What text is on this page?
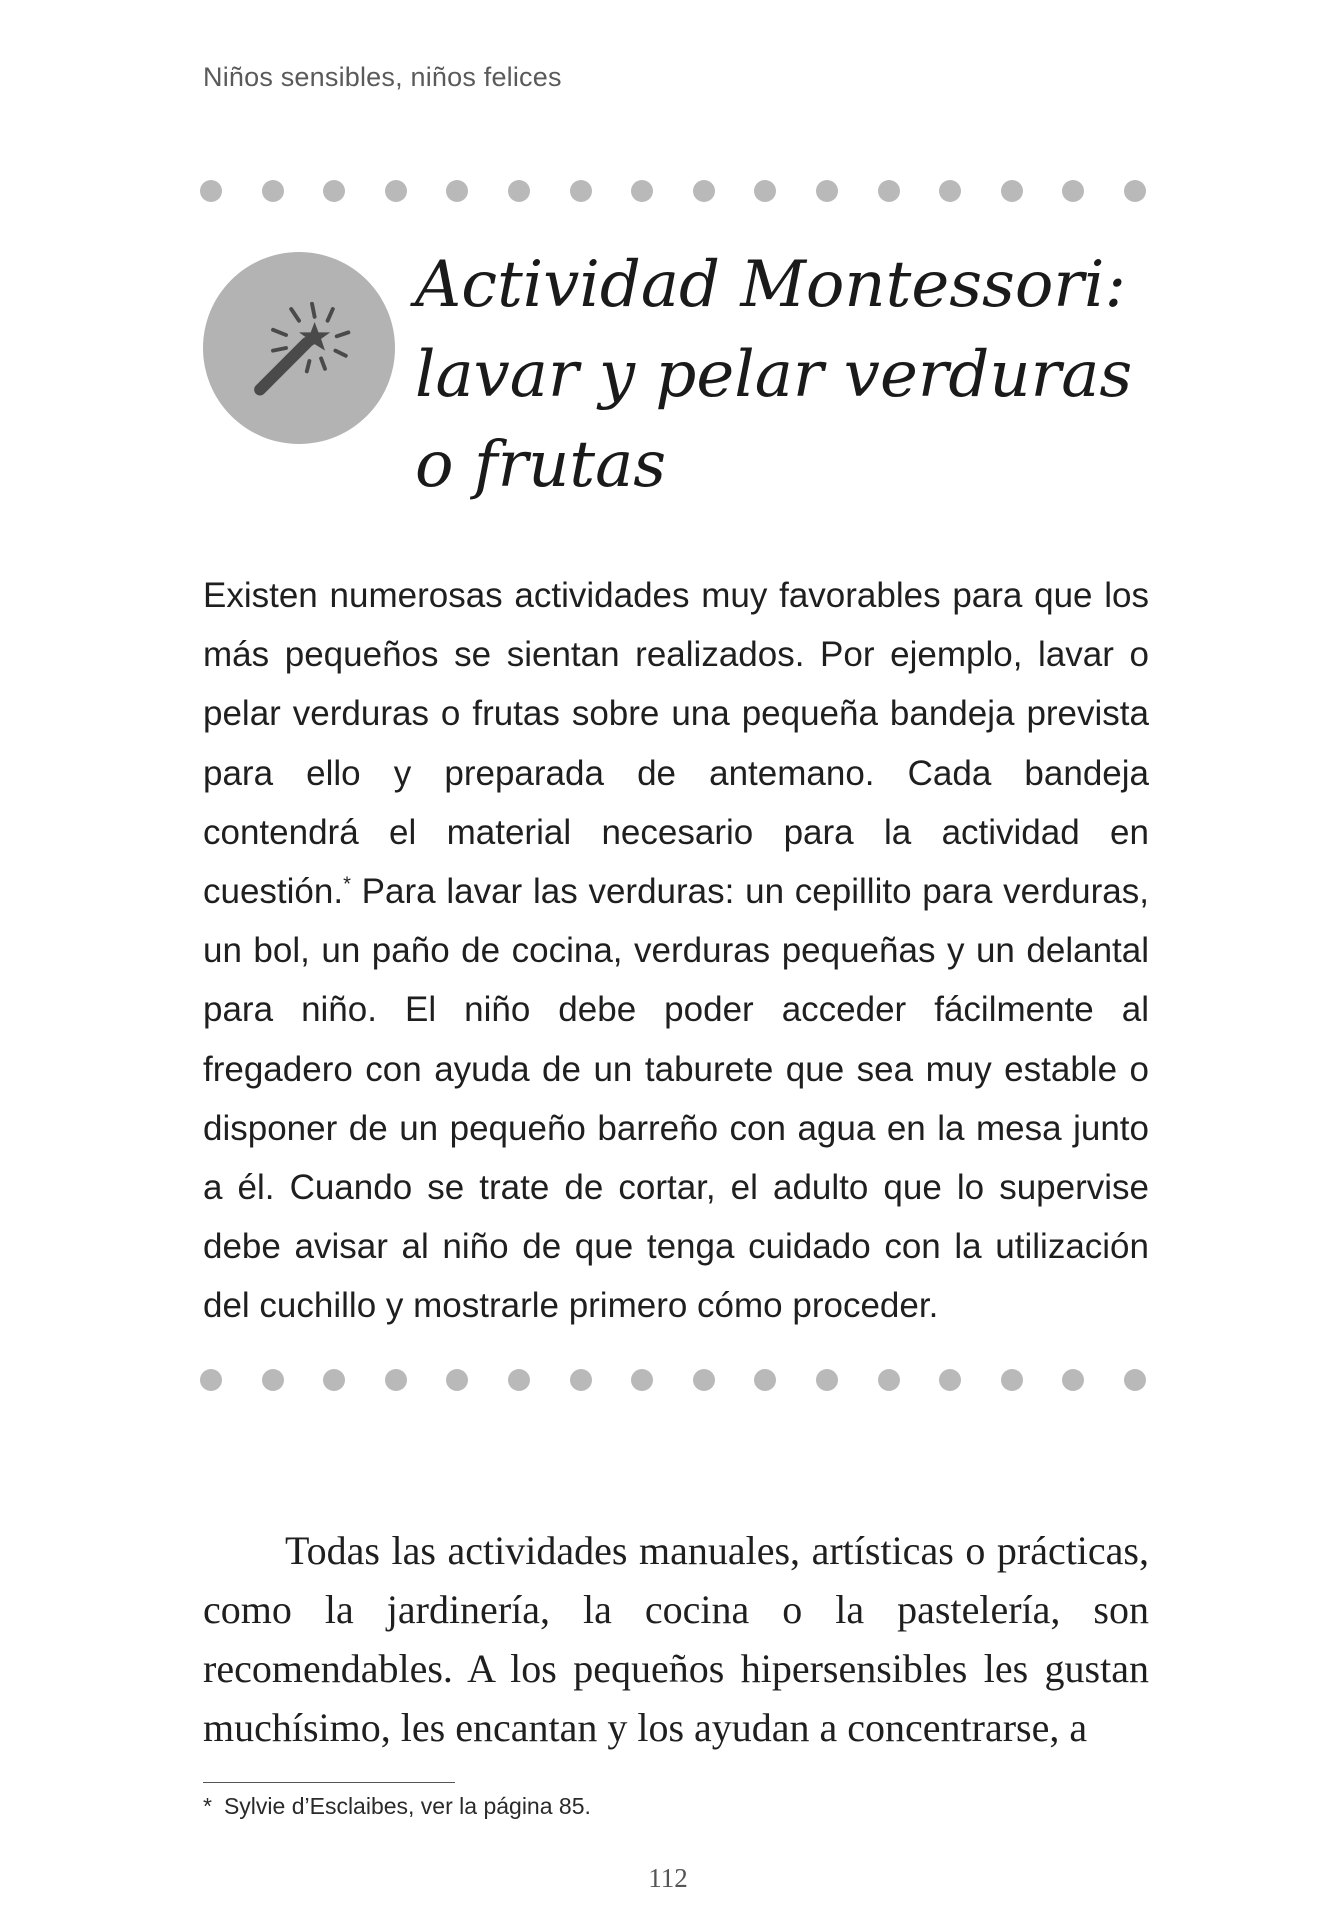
Niños sensibles, niños felices
Actividad Montessori: lavar y pelar verduras o frutas

Existen numerosas actividades muy favorables para que los más pequeños se sientan realizados. Por ejemplo, lavar o pelar verduras o frutas sobre una pequeña bandeja prevista para ello y preparada de antemano. Cada bandeja contendrá el material necesario para la actividad en cuestión.* Para lavar las verduras: un cepillito para verduras, un bol, un paño de cocina, verduras pequeñas y un delantal para niño. El niño debe poder acceder fácilmente al fregadero con ayuda de un taburete que sea muy estable o disponer de un pequeño barreño con agua en la mesa junto a él. Cuando se trate de cortar, el adulto que lo supervise debe avisar al niño de que tenga cuidado con la utilización del cuchillo y mostrarle primero cómo proceder.

Todas las actividades manuales, artísticas o prácticas, como la jardinería, la cocina o la pastelería, son recomendables. A los pequeños hipersensibles les gustan muchísimo, les encantan y los ayudan a concentrarse, a

* Sylvie d’Esclaibes, ver la página 85.
112
